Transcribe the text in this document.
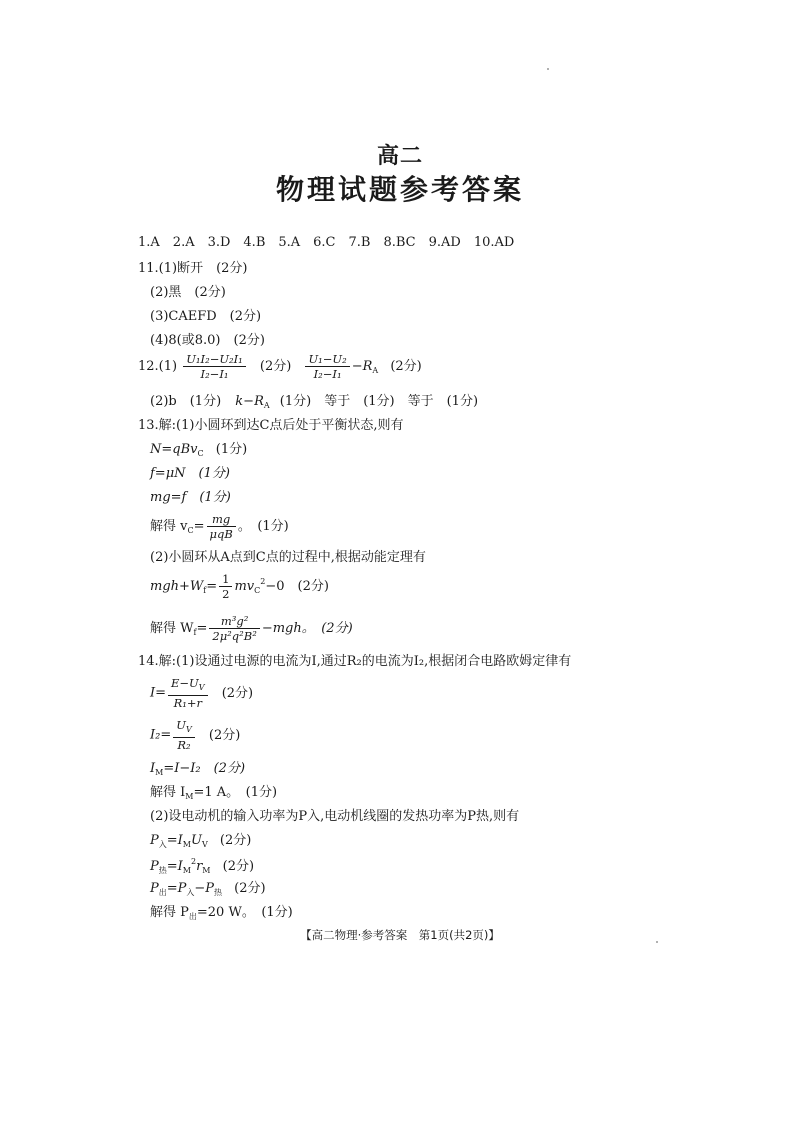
高二
物理试题参考答案
1.A　2.A　3.D　4.B　5.A　6.C　7.B　8.BC　9.AD　10.AD
11.(1)断开　(2分)
(2)黑　(2分)
(3)CAEFD　(2分)
(4)8(或8.0)　(2分)
$12.(1) \frac{\text{U₁I₂−U₂I₁}}{\text{I₂−I₁}} (2$分) $\frac{\text{U₁−U₂}}{\text{I₂−I₁}} -R_A$ (2分)
(2)b　(1分) $k-R_A$ (1分)　等于　(1分)　等于　(1分)
13.解:(1)小圆环到达C点后处于平衡状态,则有
N=qBv$_C$ (1分)
f=μN　(1分)
mg=f　(1分)
解得 $v_C= \frac{mg}{\text{μqB}}$ 。　(1分)
(2)小圆环从A点到C点的过程中,根据动能定理有
$mgh+W_f= \frac{1}{2} mv_C^2-0$　(2分)
解得 $W_f= \frac{\text{m³g²}}{\text{2μ²q²B²}} -mgh$。　(2分)
14.解:(1)设通过电源的电流为I,通过R₂的电流为I₂,根据闭合电路欧姆定律有
$I= \frac{E-U_V}{\text{R₁+r}} (2$分)
$I_2= \frac{U_V}{\text{R₂}} (2$分)
$I_M=I-I_2$　(2分)
解得 $I_M=1$ A。　(1分)
(2)设电动机的输入功率为P入,电动机线圈的发热功率为P热,则有
$P_入=I_MU_V$ (2分)
$P_热=I_M^2r_M$ (2分)
$P_出=P_入-P_热$ (2分)
解得 $P_出=20$ W。　(1分)
【高二物理·参考答案　第1页(共2页)】
